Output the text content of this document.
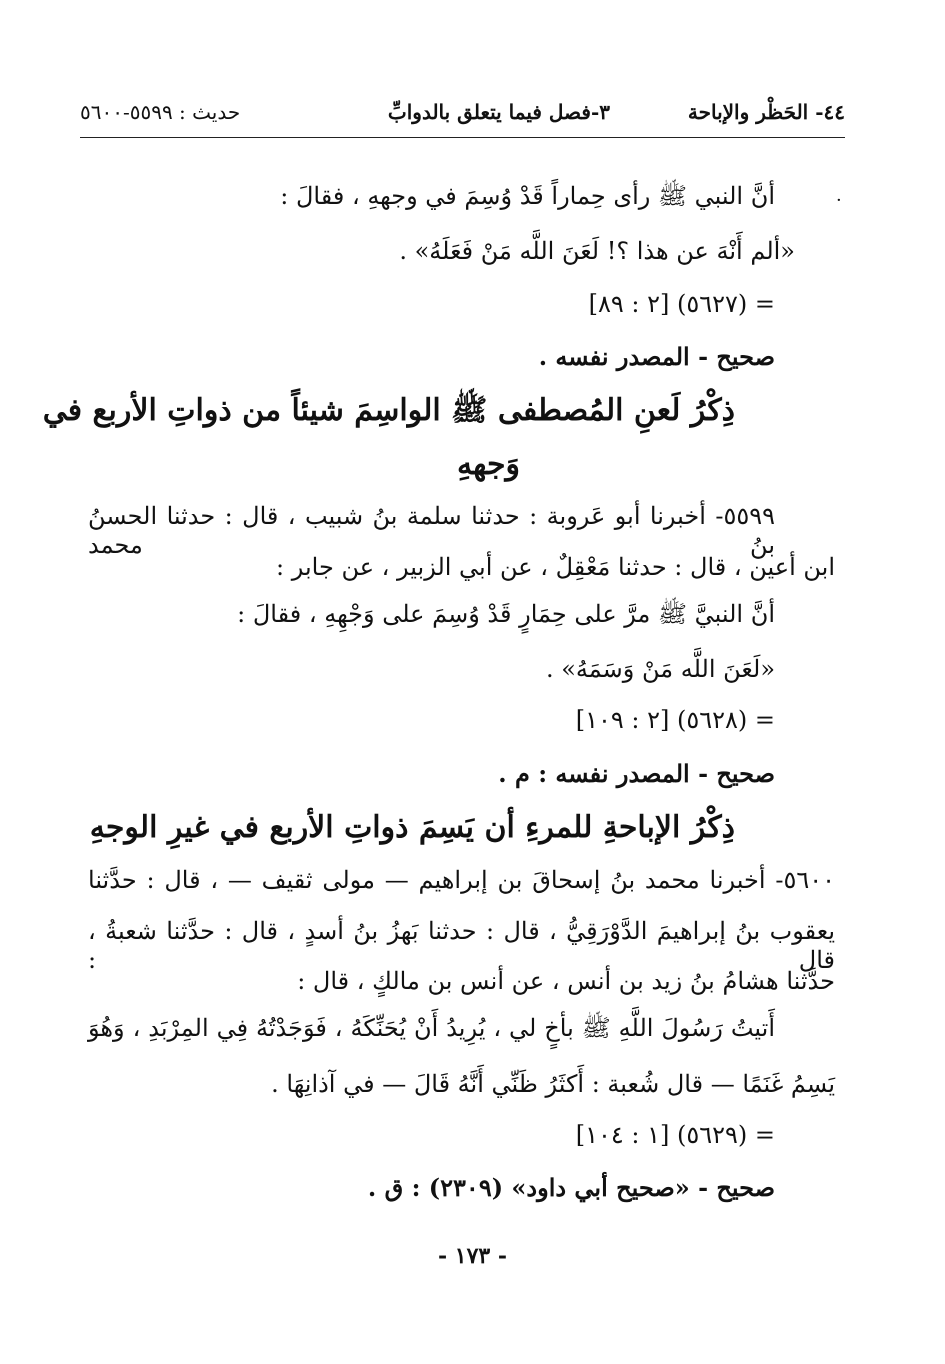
٤٤- الحَظْر والإباحة
٣-فصل فيما يتعلق بالدوابِّ
حديث : ٥٥٩٩-٥٦٠٠
·
أنَّ النبي ﷺ رأى حِماراً قَدْ وُسِمَ في وجههِ ، فقالَ :
«ألم أَنْهَ عن هذا ؟! لَعَنَ اللَّه مَنْ فَعَلَهُ» .
= (٥٦٢٧) [٢ : ٨٩]
صحيح - المصدر نفسه .
ذِكْرُ لَعنِ المُصطفى ﷺ الواسِمَ شيئاً من ذواتِ الأربع في
وَجههِ
٥٥٩٩- أخبرنا أبو عَروبة : حدثنا سلمة بنُ شبيب ، قال : حدثنا الحسنُ بنُ محمد
ابن أعين ، قال : حدثنا مَعْقِلٌ ، عن أبي الزبير ، عن جابر :
أنَّ النبيَّ ﷺ مرَّ على حِمَارٍ قَدْ وُسِمَ على وَجْهِهِ ، فقالَ :
«لَعَنَ اللَّه مَنْ وَسَمَهُ» .
= (٥٦٢٨) [٢ : ١٠٩]
صحيح - المصدر نفسه : م .
ذِكْرُ الإباحةِ للمرءِ أن يَسِمَ ذواتِ الأربع في غيرِ الوجهِ
٥٦٠٠- أخبرنا محمد بنُ إسحاقَ بن إبراهيم — مولى ثقيف — ، قال : حدَّثنا
يعقوب بنُ إبراهيمَ الدَّوْرَقِيُّ ، قال : حدثنا بَهزُ بنُ أسدٍ ، قال : حدَّثنا شعبةُ ، قال :
حدَّثنا هشامُ بنُ زيد بن أنس ، عن أنس بن مالكٍ ، قال :
أَتيتُ رَسُولَ اللَّهِ ﷺ بأخٍ لي ، يُرِيدُ أَنْ يُحَنِّكَهُ ، فَوَجَدْتُهُ فِي المِرْبَدِ ، وَهُوَ
يَسِمُ غَنَمًا — قال شُعبة : أَكثَرُ ظَنِّي أَنَّهُ قَالَ — في آذانِهَا .
= (٥٦٢٩) [١ : ١٠٤]
صحيح - «صحيح أبي داود» (٢٣٠٩) : ق .
- ١٧٣ -
